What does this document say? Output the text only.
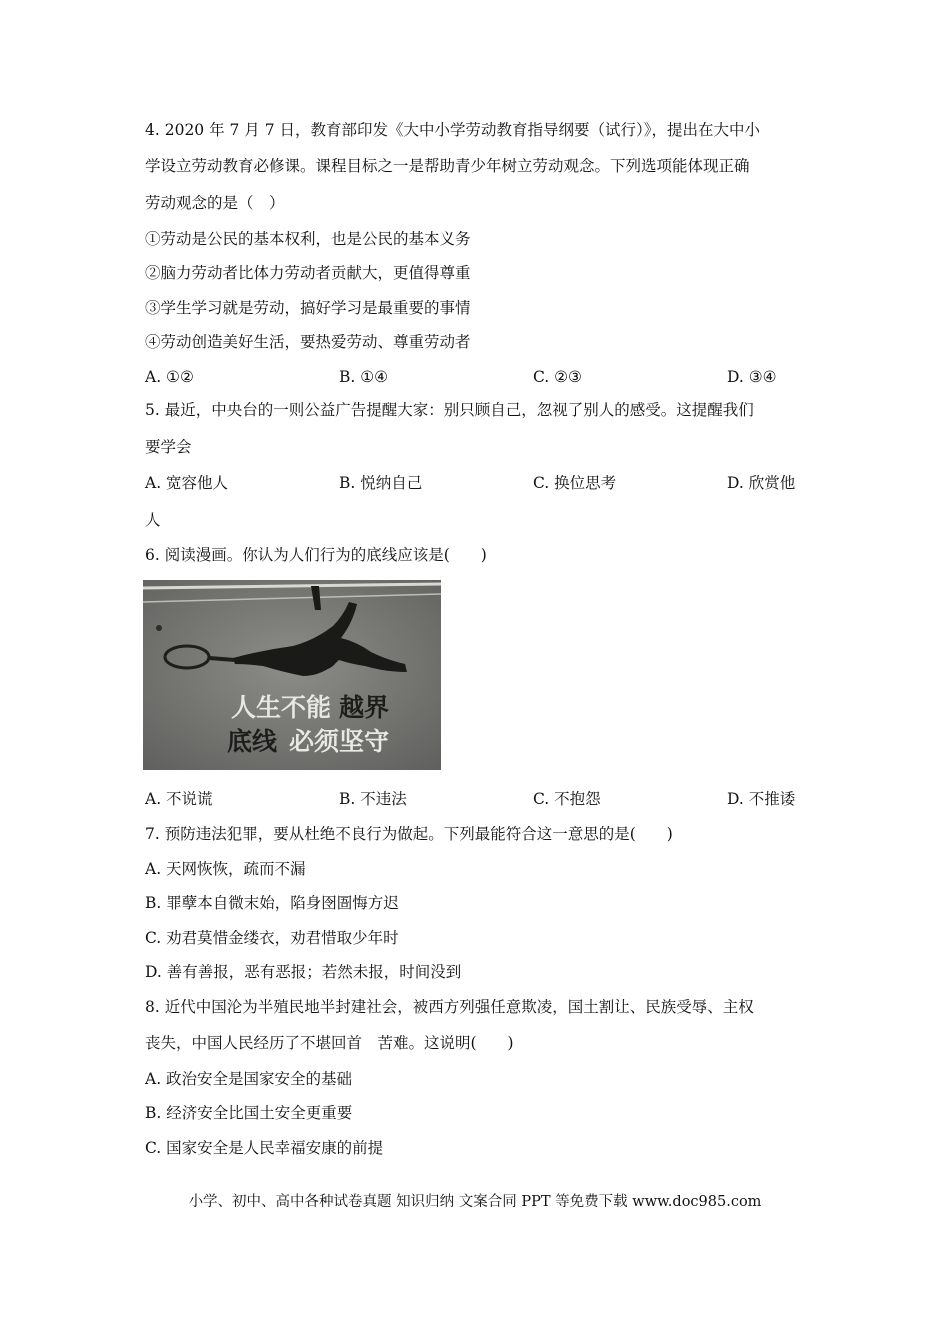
4. 2020 年 7 月 7 日，教育部印发《大中小学劳动教育指导纲要（试行）》，提出在大中小
学设立劳动教育必修课。课程目标之一是帮助青少年树立劳动观念。下列选项能体现正确
劳动观念的是（　）
①劳动是公民的基本权利，也是公民的基本义务
②脑力劳动者比体力劳动者贡献大，更值得尊重
③学生学习就是劳动，搞好学习是最重要的事情
④劳动创造美好生活，要热爱劳动、尊重劳动者
A. ①②	B. ①④	C. ②③	D. ③④
5. 最近，中央台的一则公益广告提醒大家：别只顾自己，忽视了别人的感受。这提醒我们
要学会
A. 宽容他人	B. 悦纳自己	C. 换位思考	D. 欣赏他
人
6. 阅读漫画。你认为人们行为的底线应该是(　　)
人生不能 越界
底线 必须坚守
A. 不说谎	B. 不违法	C. 不抱怨	D. 不推诿
7. 预防违法犯罪，要从杜绝不良行为做起。下列最能符合这一意思的是(　　)
A. 天网恢恢，疏而不漏
B. 罪孽本自微末始，陷身囹圄悔方迟
C. 劝君莫惜金缕衣，劝君惜取少年时
D. 善有善报，恶有恶报；若然未报，时间没到
8. 近代中国沦为半殖民地半封建社会，被西方列强任意欺凌，国土割让、民族受辱、主权
丧失，中国人民经历了不堪回首　苦难。这说明(　　)
A. 政治安全是国家安全的基础
B. 经济安全比国土安全更重要
C. 国家安全是人民幸福安康的前提
小学、初中、高中各种试卷真题 知识归纳 文案合同 PPT 等免费下载 www.doc985.com
